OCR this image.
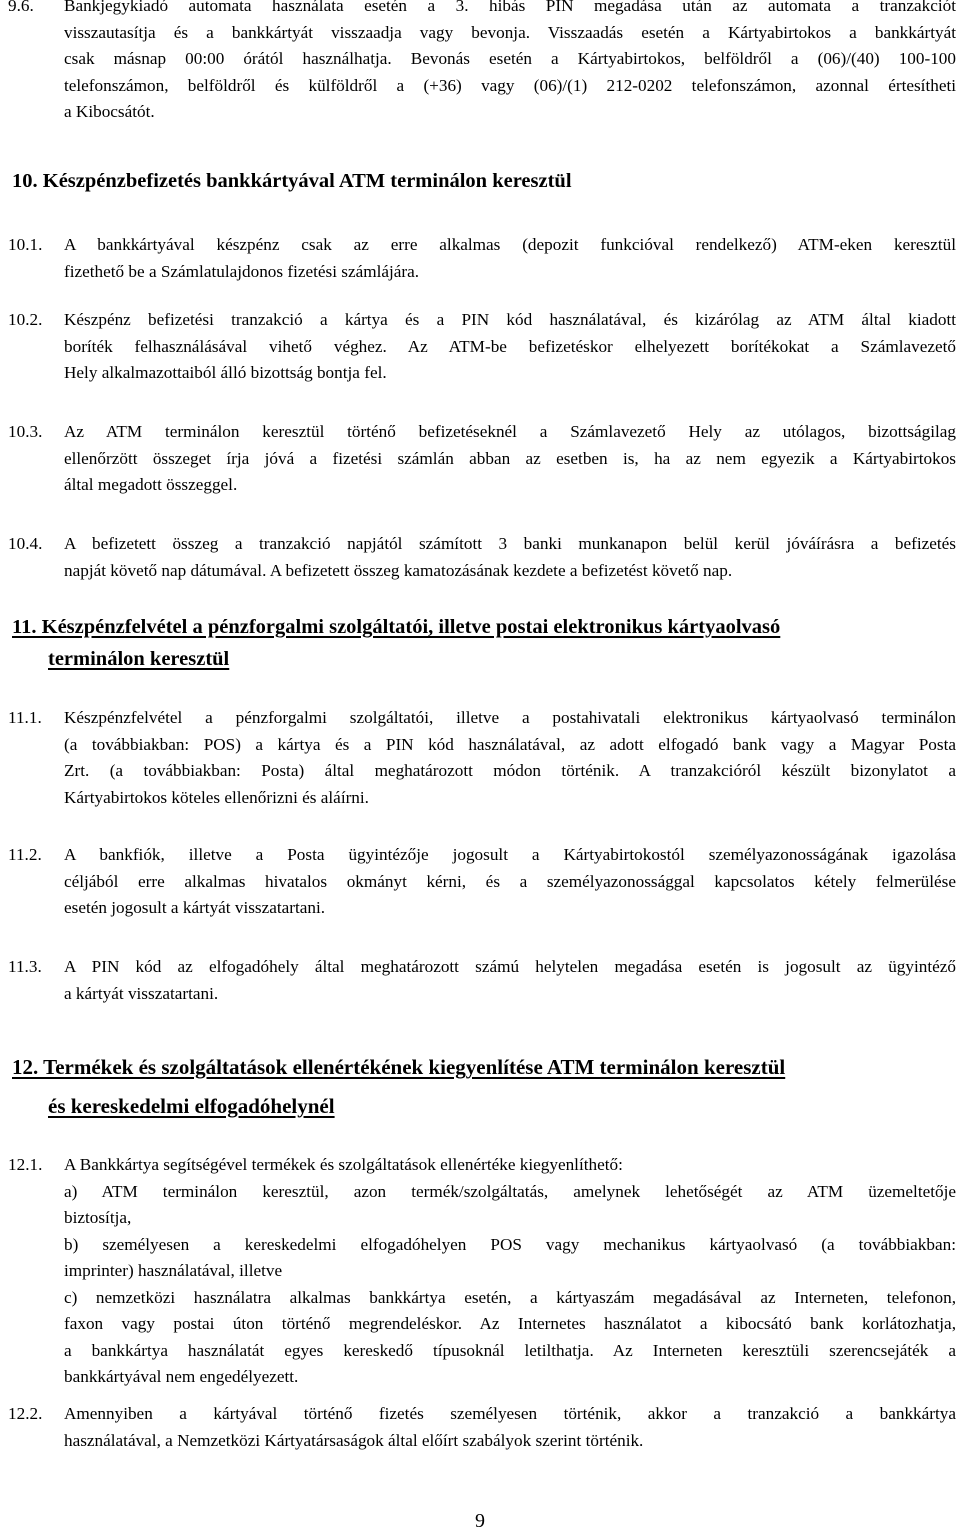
9.6. Bankjegykiadó automata használata esetén a 3. hibás PIN megadása után az automata a tranzakciót
visszautasítja és a bankkártyát visszaadja vagy bevonja. Visszaadás esetén a Kártyabirtokos a bankkártyát
csak másnap 00:00 órától használhatja. Bevonás esetén a Kártyabirtokos, belföldről a (06)/(40) 100-100
telefonszámon, belföldről és külföldről a (+36) vagy (06)/(1) 212-0202 telefonszámon, azonnal értesítheti
a Kibocsátót.
10. Készpénzbefizetés bankkártyával ATM terminálon keresztül
10.1. A bankkártyával készpénz csak az erre alkalmas (depozit funkcióval rendelkező) ATM-eken keresztül
fizethető be a Számlatulajdonos fizetési számlájára.
10.2. Készpénz befizetési tranzakció a kártya és a PIN kód használatával, és kizárólag az ATM által kiadott
boríték felhasználásával vihető véghez. Az ATM-be befizetéskor elhelyezett borítékokat a Számlavezető
Hely alkalmazottaiból álló bizottság bontja fel.
10.3. Az ATM terminálon keresztül történő befizetéseknél a Számlavezető Hely az utólagos, bizottságilag
ellenőrzött összeget írja jóvá a fizetési számlán abban az esetben is, ha az nem egyezik a Kártyabirtokos
által megadott összeggel.
10.4. A befizetett összeg a tranzakció napjától számított 3 banki munkanapon belül kerül jóváírásra a befizetés
napját követő nap dátumával. A befizetett összeg kamatozásának kezdete a befizetést követő nap.
11. Készpénzfelvétel a pénzforgalmi szolgáltatói, illetve postai elektronikus kártyaolvasó
terminálon keresztül
11.1. Készpénzfelvétel a pénzforgalmi szolgáltatói, illetve a postahivatali elektronikus kártyaolvasó terminálon
(a továbbiakban: POS) a kártya és a PIN kód használatával, az adott elfogadó bank vagy a Magyar Posta
Zrt. (a továbbiakban: Posta) által meghatározott módon történik. A tranzakcióról készült bizonylatot a
Kártyabirtokos köteles ellenőrizni és aláírni.
11.2. A bankfiók, illetve a Posta ügyintézője jogosult a Kártyabirtokostól személyazonosságának igazolása
céljából erre alkalmas hivatalos okmányt kérni, és a személyazonossággal kapcsolatos kétely felmerülése
esetén jogosult a kártyát visszatartani.
11.3. A PIN kód az elfogadóhely által meghatározott számú helytelen megadása esetén is jogosult az ügyintéző
a kártyát visszatartani.
12. Termékek és szolgáltatások ellenértékének kiegyenlítése ATM terminálon keresztül
és kereskedelmi elfogadóhelynél
12.1. A Bankkártya segítségével termékek és szolgáltatások ellenértéke kiegyenlíthető:
a) ATM terminálon keresztül, azon termék/szolgáltatás, amelynek lehetőségét az ATM üzemeltetője
biztosítja,
b) személyesen a kereskedelmi elfogadóhelyen POS vagy mechanikus kártyaolvasó (a továbbiakban:
imprinter) használatával, illetve
c) nemzetközi használatra alkalmas bankkártya esetén, a kártyaszám megadásával az Interneten, telefonon,
faxon vagy postai úton történő megrendeléskor. Az Internetes használatot a kibocsátó bank korlátozhatja,
a bankkártya használatát egyes kereskedő típusoknál letilthatja. Az Interneten keresztüli szerencsejáték a
bankkártyával nem engedélyezett.
12.2. Amennyiben a kártyával történő fizetés személyesen történik, akkor a tranzakció a bankkártya
használatával, a Nemzetközi Kártyatársaságok által előírt szabályok szerint történik.
9
